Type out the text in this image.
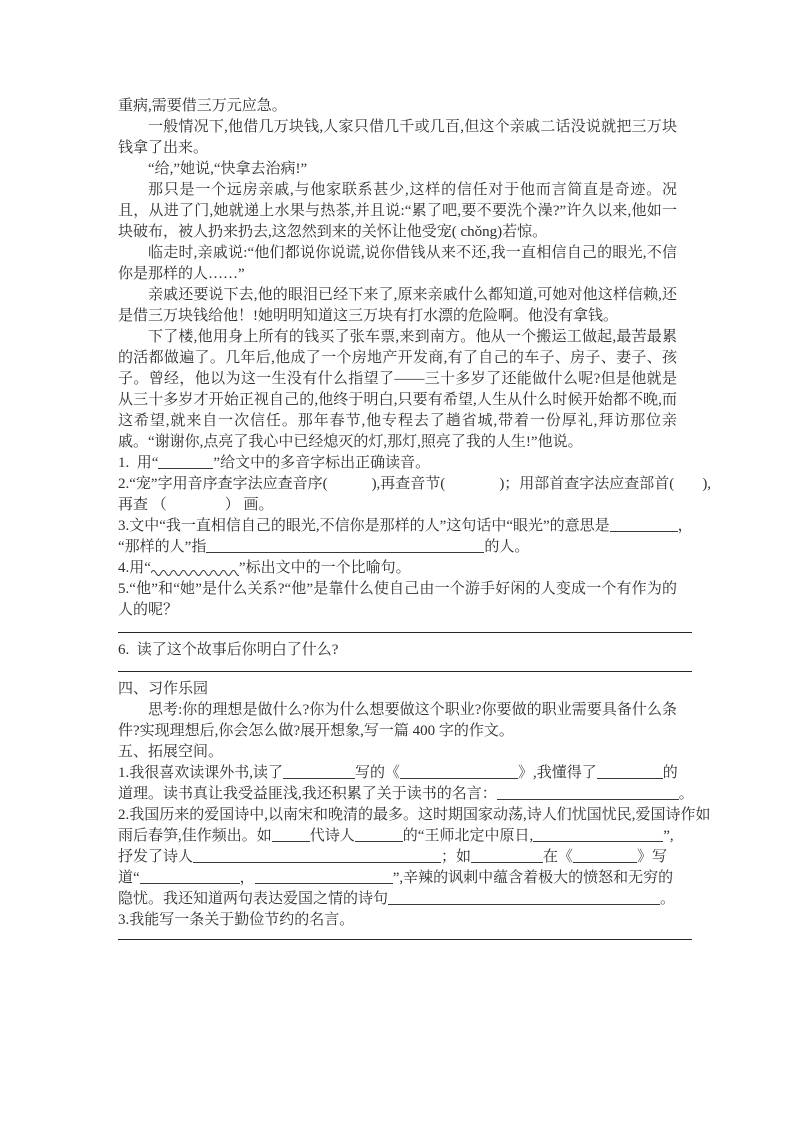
重病,需要借三万元应急。

一般情况下,他借几万块钱,人家只借几千或几百,但这个亲戚二话没说就把三万块钱拿了出来。

“给,”她说,“快拿去治病!”

那只是一个远房亲戚,与他家联系甚少,这样的信任对于他而言简直是奇迹。况且，从进了门,她就递上水果与热茶,并且说:“累了吧,要不要洗个澡?”许久以来,他如一块破布，被人扔来扔去,这忽然到来的关怀让他受宠( chǒng)若惊。

临走时,亲戚说:“他们都说你说谎,说你借钱从来不还,我一直相信自己的眼光,不信你是那样的人……”

亲戚还要说下去,他的眼泪已经下来了,原来亲戚什么都知道,可她对他这样信赖,还是借三万块钱给他！!她明明知道这三万块有打水漂的危险啊。他没有拿钱。

下了楼,他用身上所有的钱买了张车票,来到南方。他从一个搬运工做起,最苦最累的活都做遍了。几年后,他成了一个房地产开发商,有了自己的车子、房子、妻子、孩子。曾经，他以为这一生没有什么指望了——三十多岁了还能做什么呢?但是他就是从三十多岁才开始正视自己的,他终于明白,只要有希望,人生从什么时候开始都不晚,而这希望,就来自一次信任。那年春节,他专程去了趟省城,带着一份厚礼,拜访那位亲戚。“谢谢你,点亮了我心中已经熄灭的灯,那灯,照亮了我的人生!”他说。

1.  用“	”给文中的多音字标出正确读音。
2.“宠”字用音序查字法应查音序(	),再查音节(	)；用部首查字法应查部首( ),
再查 （	） 画。
3.文中“我一直相信自己的眼光,不信你是那样的人”这句话中“眼光”的意思是	，
“那样的人”指	的人。
4.用“	”标出文中的一个比喻句。

5.“他”和“她”是什么关系?“他”是靠什么使自己由一个游手好闲的人变成一个有作为的人的呢？

6.  读了这个故事后你明白了什么?

四、习作乐园

思考:你的理想是做什么?你为什么想要做这个职业?你要做的职业需要具备什么条件?实现理想后,你会怎么做?展开想象,写一篇 400 字的作文。

五、拓展空间。

1.我很喜欢读课外书,读了	写的《	》,我懂得了	的
道理。读书真让我受益匪浅,我还积累了关于读书的名言：	。
2.我国历来的爱国诗中,以南宋和晚清的最多。这时期国家动荡,诗人们忧国忧民,爱国诗作如
雨后春笋,佳作频出。如	代诗人	的“王师北定中原日,	”,
抒发了诗人	；如	在《	》写
道“	，	”,辛辣的讽刺中蕴含着极大的愤怒和无穷的
隐忧。我还知道两句表达爱国之情的诗句	。
3.我能写一条关于勤俭节约的名言。
